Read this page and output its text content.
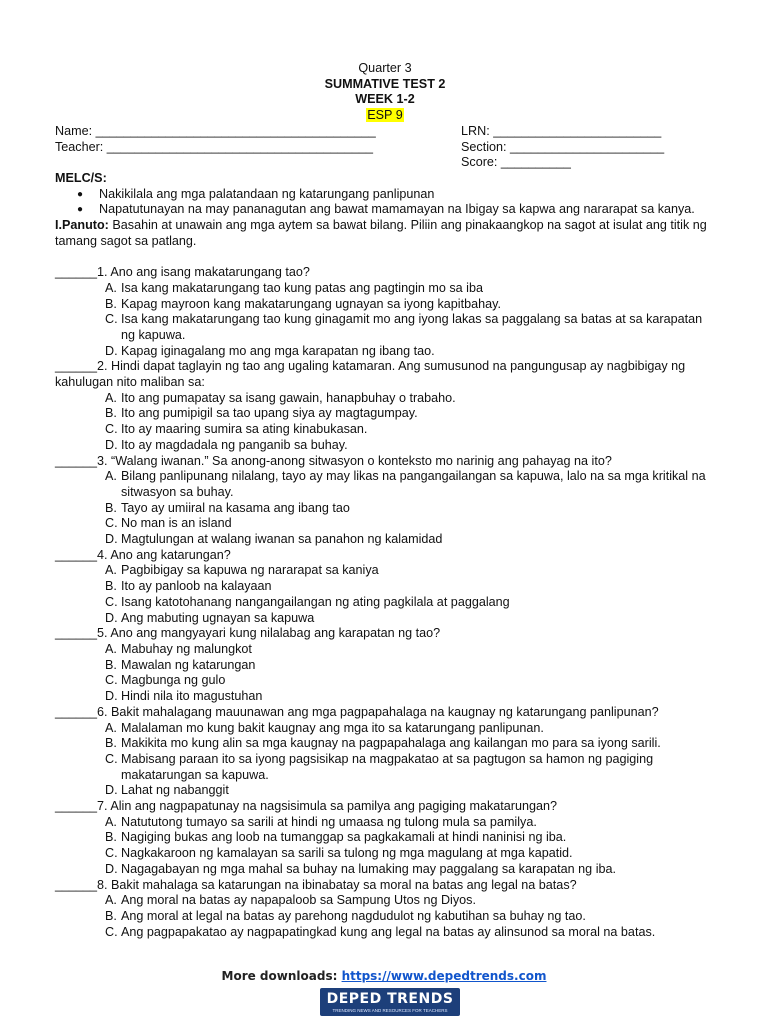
Quarter 3
SUMMATIVE TEST 2
WEEK 1-2
ESP 9
Name: ________________________________________	LRN: ________________________
Teacher: ______________________________________	Section: ______________________
Score: __________
MELC/S:
● Nakikilala ang mga palatandaan ng katarungang panlipunan
● Napatutunayan na may pananagutan ang bawat mamamayan na Ibigay sa kapwa ang nararapat sa kanya.
I.Panuto: Basahin at unawain ang mga aytem sa bawat bilang. Piliin ang pinakaangkop na sagot at isulat ang titik ng tamang sagot sa patlang.
______1. Ano ang isang makatarungang tao?
A. Isa kang makatarungang tao kung patas ang pagtingin mo sa iba
B. Kapag mayroon kang makatarungang ugnayan sa iyong kapitbahay.
C. Isa kang makatarungang tao kung ginagamit mo ang iyong lakas sa paggalang sa batas at sa karapatan ng kapuwa.
D. Kapag iginagalang mo ang mga karapatan ng ibang tao.
______2. Hindi dapat taglayin ng tao ang ugaling katamaran. Ang sumusunod na pangungusap ay nagbibigay ng kahulugan nito maliban sa:
A. Ito ang pumapatay sa isang gawain, hanapbuhay o trabaho.
B. Ito ang pumipigil sa tao upang siya ay magtagumpay.
C. Ito ay maaring sumira sa ating kinabukasan.
D. Ito ay magdadala ng panganib sa buhay.
______3. “Walang iwanan.” Sa anong-anong sitwasyon o konteksto mo narinig ang pahayag na ito?
A. Bilang panlipunang nilalang, tayo ay may likas na pangangailangan sa kapuwa, lalo na sa mga kritikal na sitwasyon sa buhay.
B. Tayo ay umiiral na kasama ang ibang tao
C. No man is an island
D. Magtulungan at walang iwanan sa panahon ng kalamidad
______4. Ano ang katarungan?
A. Pagbibigay sa kapuwa ng nararapat sa kaniya
B. Ito ay panloob na kalayaan
C. Isang katotohanang nangangailangan ng ating pagkilala at paggalang
D. Ang mabuting ugnayan sa kapuwa
______5. Ano ang mangyayari kung nilalabag ang karapatan ng tao?
A. Mabuhay ng malungkot
B. Mawalan ng katarungan
C. Magbunga ng gulo
D. Hindi nila ito magustuhan
______6. Bakit mahalagang mauunawan ang mga pagpapahalaga na kaugnay ng katarungang panlipunan?
A. Malalaman mo kung bakit kaugnay ang mga ito sa katarungang panlipunan.
B. Makikita mo kung alin sa mga kaugnay na pagpapahalaga ang kailangan mo para sa iyong sarili.
C. Mabisang paraan ito sa iyong pagsisikap na magpakatao at sa pagtugon sa hamon ng pagiging makatarungan sa kapuwa.
D. Lahat ng nabanggit
______7. Alin ang nagpapatunay na nagsisimula sa pamilya ang pagiging makatarungan?
A. Natututong tumayo sa sarili at hindi ng umaasa ng tulong mula sa pamilya.
B. Nagiging bukas ang loob na tumanggap sa pagkakamali at hindi naninisi ng iba.
C. Nagkakaroon ng kamalayan sa sarili sa tulong ng mga magulang at mga kapatid.
D. Nagagabayan ng mga mahal sa buhay na lumaking may paggalang sa karapatan ng iba.
______8. Bakit mahalaga sa katarungan na ibinabatay sa moral na batas ang legal na batas?
A. Ang moral na batas ay napapaloob sa Sampung Utos ng Diyos.
B. Ang moral at legal na batas ay parehong nagdudulot ng kabutihan sa buhay ng tao.
C. Ang pagpapakatao ay nagpapatingkad kung ang legal na batas ay alinsunod sa moral na batas.
More downloads: https://www.depedtrends.com
DEPED TRENDS
TRENDING NEWS AND RESOURCES FOR TEACHERS
